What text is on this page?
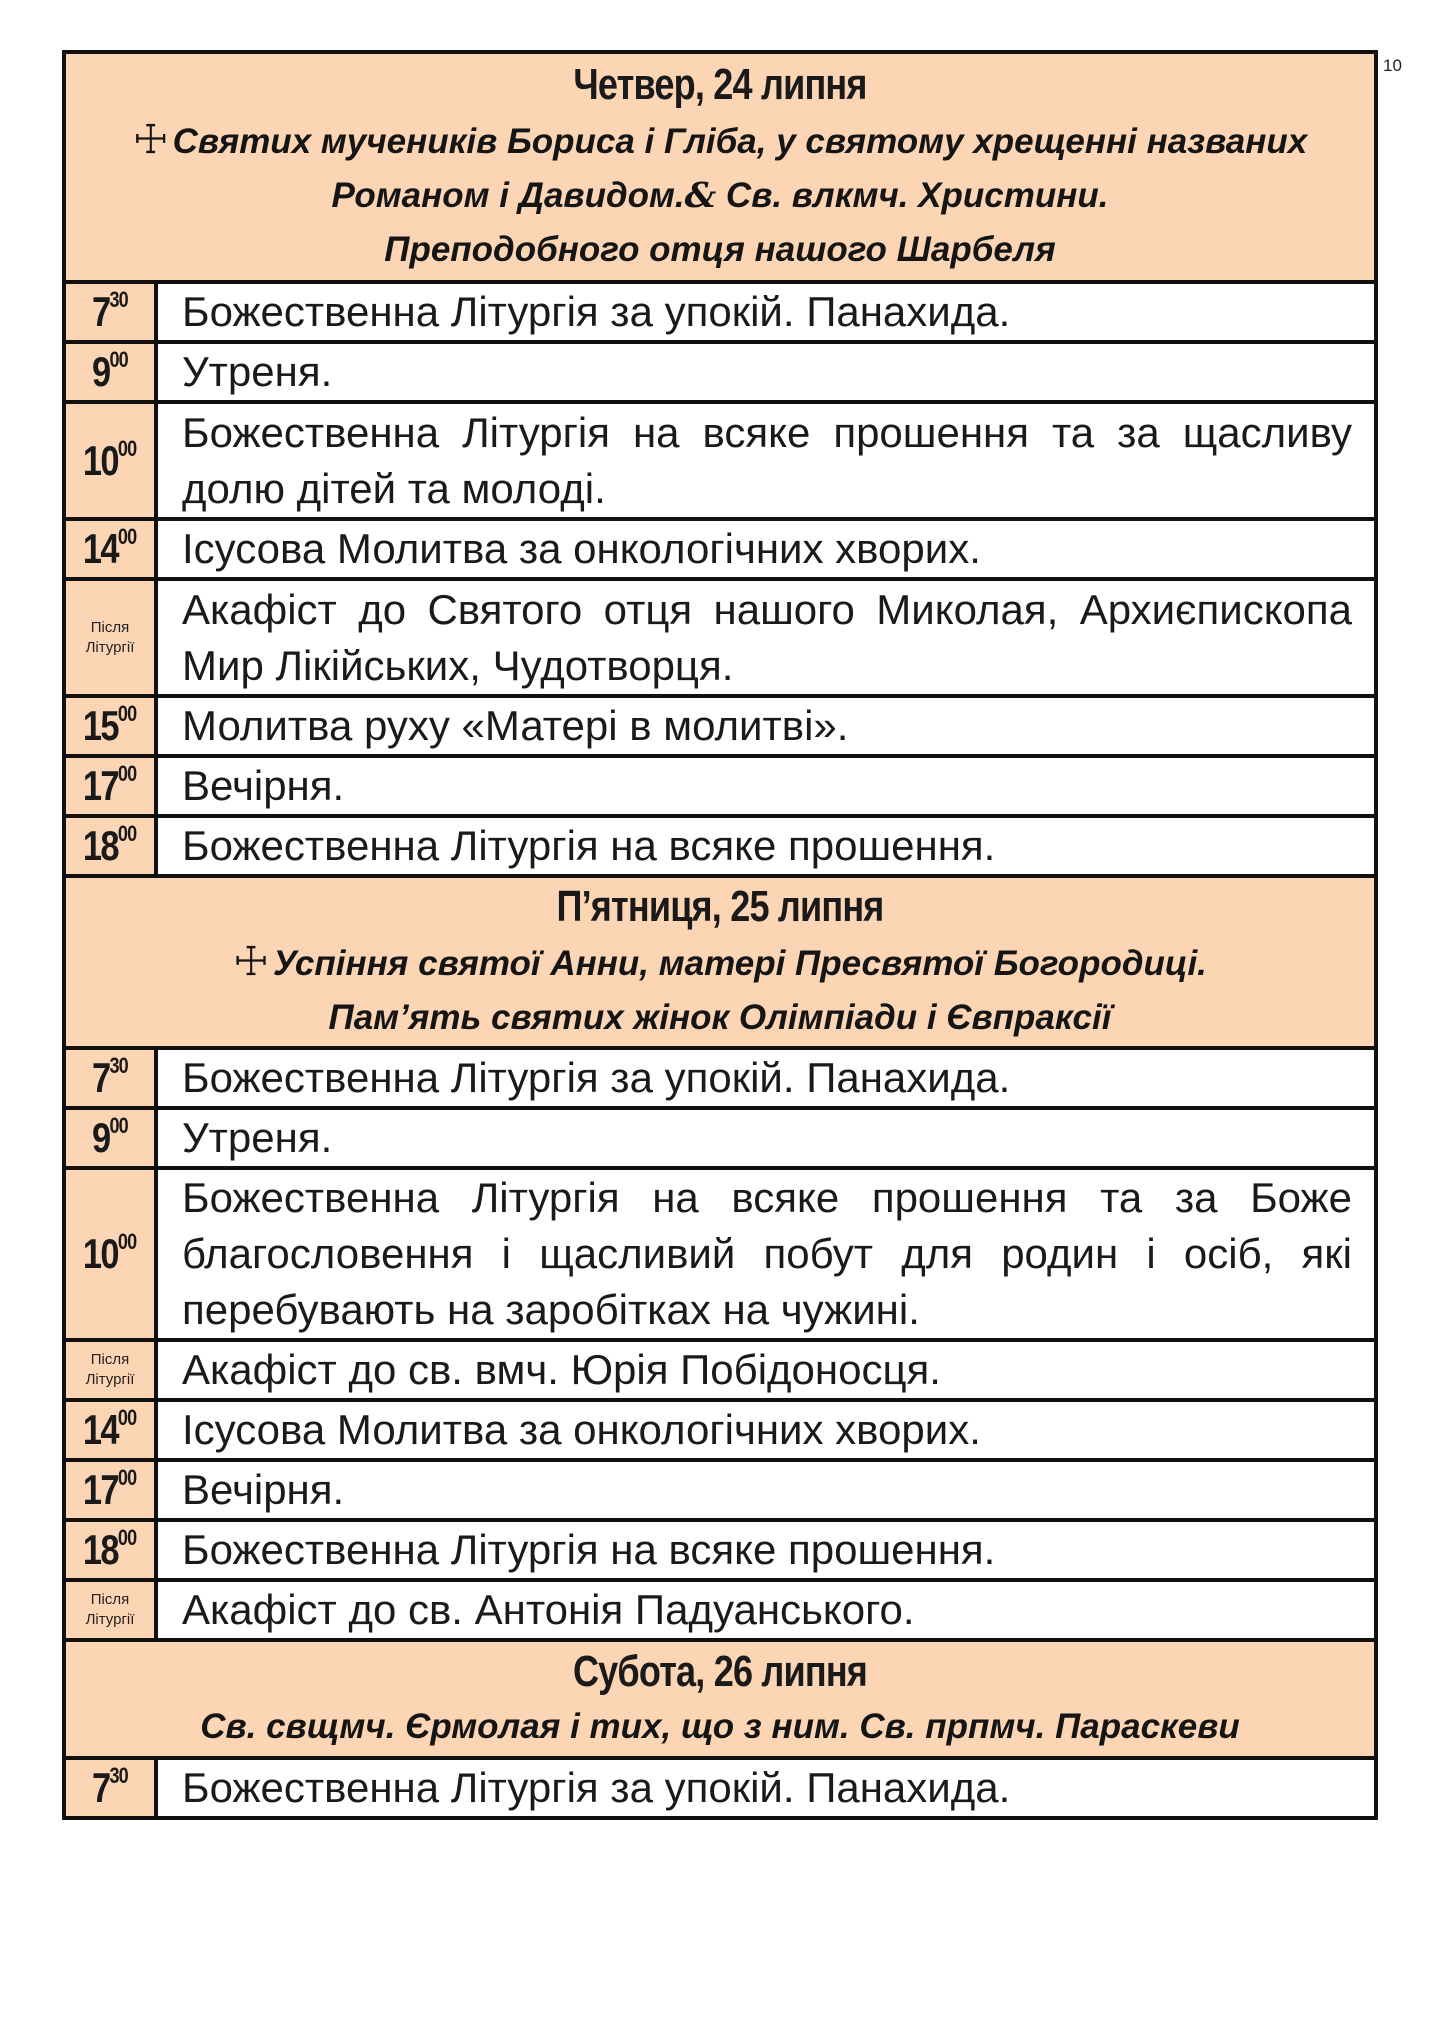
10
Четвер, 24 липня
☩ Святих мучеників Бориса і Гліба, у святому хрещенні названих
Романом і Давидом.& Св. влкмч. Христини.
Преподобного отця нашого Шарбеля	

$7^{30}$	Божественна Літургія за упокій. Панахида.
$9^{00}$	Утреня.
$10^{00}$	Божественна Літургія на всяке прошення та за щасливу долю дітей та молоді.
$14^{00}$	Ісусова Молитва за онкологічних хворих.

Після Літургії	Акафіст до Святого отця нашого Миколая, Архиєпископа Мир Лікійських, Чудотворця.
$15^{00}$	Молитва руху «Матері в молитві».
$17^{00}$	Вечірня.
$18^{00}$	Божественна Літургія на всяке прошення.

П’ятниця, 25 липня
☩ Успіння святої Анни, матері Пресвятої Богородиці.
Пам’ять святих жінок Олімпіади і Євпраксії	

$7^{30}$	Божественна Літургія за упокій. Панахида.
$9^{00}$	Утреня.
$10^{00}$	Божественна Літургія на всяке прошення та за Боже благословення і щасливий побут для родин і осіб, які перебувають на заробітках на чужині.

Після Літургії	Акафіст до св. вмч. Юрія Побідоносця.
$14^{00}$	Ісусова Молитва за онкологічних хворих.
$17^{00}$	Вечірня.
$18^{00}$	Божественна Літургія на всяке прошення.

Після Літургії	Акафіст до св. Антонія Падуанського.

Субота, 26 липня
Св. свщмч. Єрмолая і тих, що з ним. Св. прпмч. Параскеви	

$7^{30}$	Божественна Літургія за упокій. Панахида.
